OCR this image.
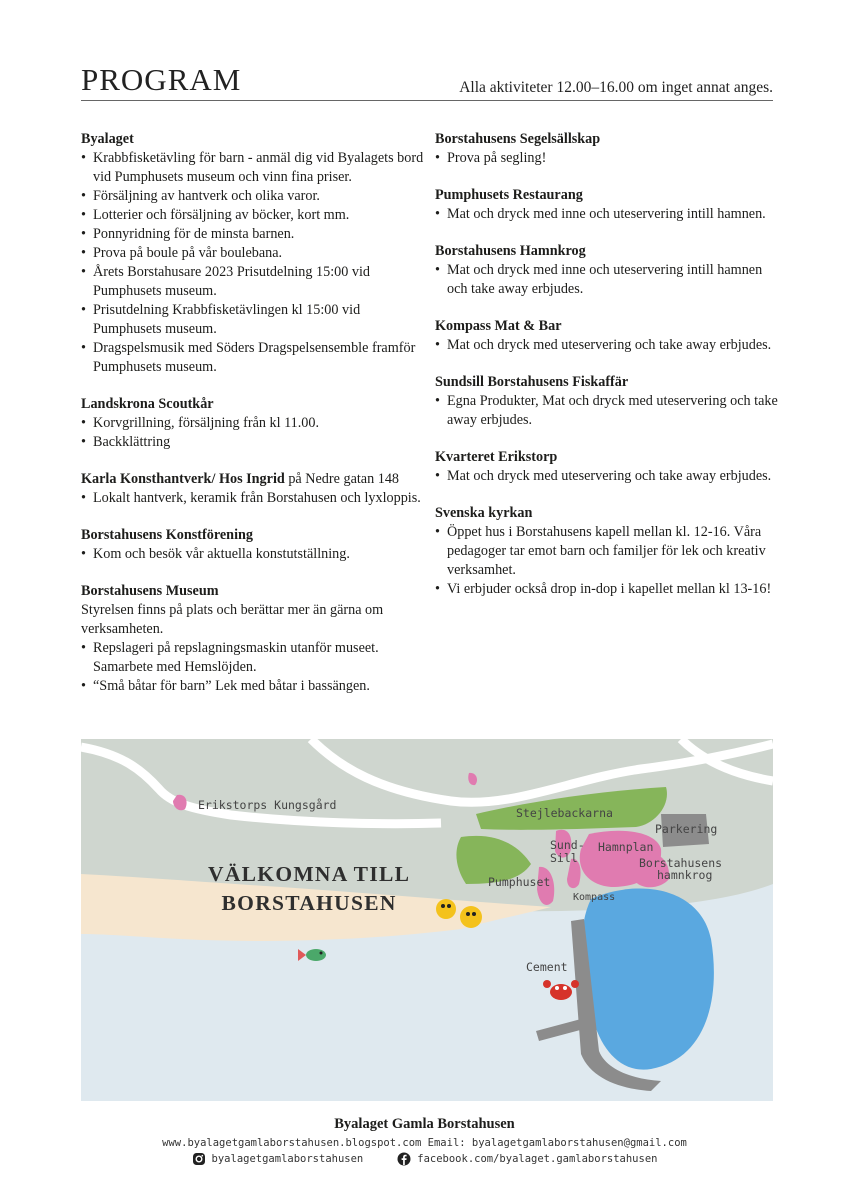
PROGRAM	Alla aktiviteter 12.00–16.00 om inget annat anges.
Byalaget
• Krabbfisketävling för barn - anmäl dig vid Byalagets bord vid Pumphusets museum och vinn fina priser.
• Försäljning av hantverk och olika varor.
• Lotterier och försäljning av böcker, kort mm.
• Ponnyridning för de minsta barnen.
• Prova på boule på vår boulebana.
• Årets Borstahusare 2023 Prisutdelning 15:00 vid Pumphusets museum.
• Prisutdelning Krabbfisketävlingen kl 15:00 vid Pumphusets museum.
• Dragspelsmusik med Söders Dragspelsensemble framför Pumphusets museum.
Landskrona Scoutkår
• Korvgrillning, försäljning från kl 11.00.
• Backklättring
Karla Konsthantverk/ Hos Ingrid på Nedre gatan 148
• Lokalt hantverk, keramik från Borstahusen och lyxloppis.
Borstahusens Konstförening
• Kom och besök vår aktuella konstutställning.
Borstahusens Museum

Styrelsen finns på plats och berättar mer än gärna om verksamheten.

• Repslageri på repslagningsmaskin utanför museet. Samarbete med Hemslöjden.
• “Små båtar för barn” Lek med båtar i bassängen.
Borstahusens Segelsällskap
• Prova på segling!
Pumphusets Restaurang
• Mat och dryck med inne och uteservering intill hamnen.
Borstahusens Hamnkrog
• Mat och dryck med inne och uteservering intill hamnen och take away erbjudes.
Kompass Mat & Bar
• Mat och dryck med uteservering och take away erbjudes.
Sundsill Borstahusens Fiskaffär
• Egna Produkter, Mat och dryck med uteservering och take away erbjudes.
Kvarteret Erikstorp
• Mat och dryck med uteservering och take away erbjudes.
Svenska kyrkan
• Öppet hus i Borstahusens kapell mellan kl. 12-16. Våra pedagoger tar emot barn och familjer för lek och kreativ verksamhet.
• Vi erbjuder också drop in-dop i kapellet mellan kl 13-16!
VÄLKOMNA TILL
BORSTAHUSEN
Erikstorps Kungsgård
Stejlebackarna
Parkering
Sund-
Sill
Hamnplan
Borstahusens
hamnkrog
Pumphuset
Kompass
Cement
Byalaget Gamla Borstahusen
www.byalagetgamlaborstahusen.blogspot.com Email: byalagetgamlaborstahusen@gmail.com
byalagetgamlaborstahusen	facebook.com/byalaget.gamlaborstahusen
